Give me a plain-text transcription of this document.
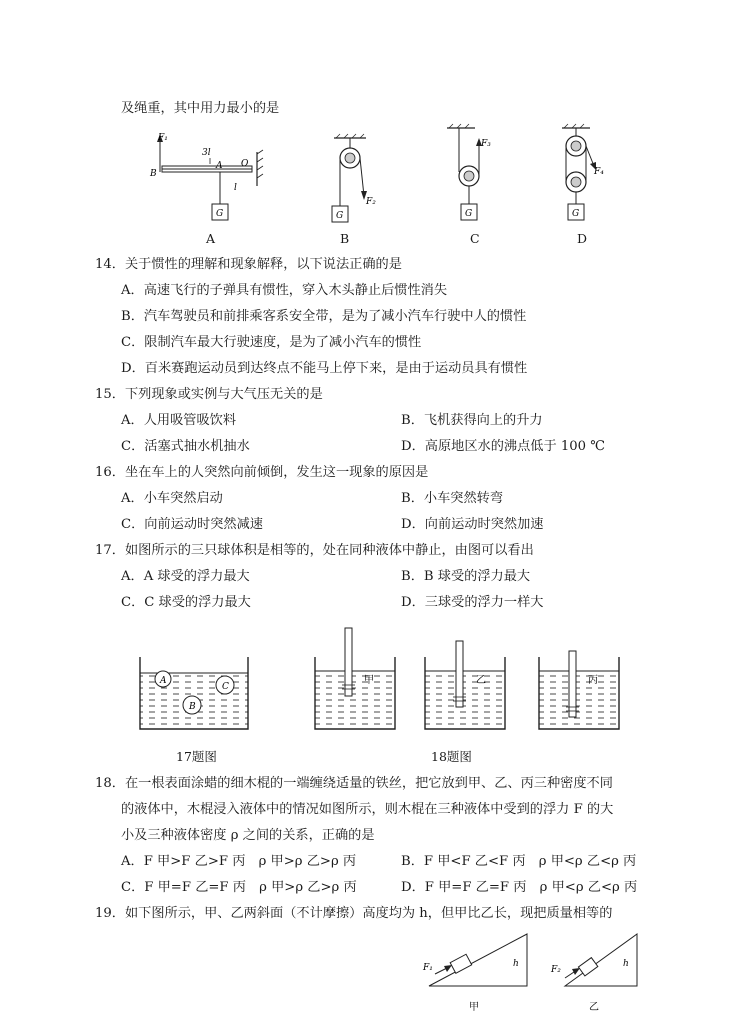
及绳重，其中用力最小的是
F₁
3l
B
A O
l
G
F₂
G
F₃
G
F₄
G
A	B	C	D
14．关于惯性的理解和现象解释，以下说法正确的是
A．高速飞行的子弹具有惯性，穿入木头静止后惯性消失
B．汽车驾驶员和前排乘客系安全带，是为了减小汽车行驶中人的惯性
C．限制汽车最大行驶速度，是为了减小汽车的惯性
D．百米赛跑运动员到达终点不能马上停下来，是由于运动员具有惯性
15．下列现象或实例与大气压无关的是
A．人用吸管吸饮料	B．飞机获得向上的升力
C．活塞式抽水机抽水	D．高原地区水的沸点低于 100 ℃
16．坐在车上的人突然向前倾倒，发生这一现象的原因是
A．小车突然启动	B．小车突然转弯
C．向前运动时突然减速	D．向前运动时突然加速
17．如图所示的三只球体积是相等的，处在同种液体中静止，由图可以看出
A．A 球受的浮力最大	B．B 球受的浮力最大
C．C 球受的浮力最大	D．三球受的浮力一样大
A
B
C
17题图
甲	乙	丙
18题图
18．在一根表面涂蜡的细木棍的一端缠绕适量的铁丝，把它放到甲、乙、丙三种密度不同
的液体中，木棍浸入液体中的情况如图所示，则木棍在三种液体中受到的浮力 F 的大
小及三种液体密度 ρ 之间的关系，正确的是
A．F 甲>F 乙>F 丙　ρ 甲>ρ 乙>ρ 丙	B．F 甲<F 乙<F 丙　ρ 甲<ρ 乙<ρ 丙
C．F 甲=F 乙=F 丙　ρ 甲>ρ 乙>ρ 丙	D．F 甲=F 乙=F 丙　ρ 甲<ρ 乙<ρ 丙
19．如下图所示，甲、乙两斜面（不计摩擦）高度均为 h，但甲比乙长，现把质量相等的
F₁	h
甲
F₂
h
乙
